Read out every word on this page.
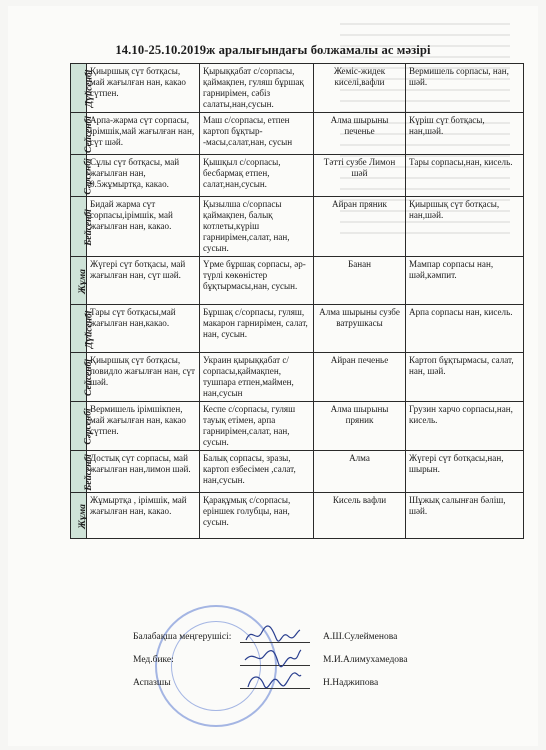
14.10-25.10.2019ж аралығындағы болжамалы ас мәзірі
Дүйсенбі	Қиыршық сүт ботқасы, май жағылған нан, какао сүтпен.	Қырыққабат с/сорпасы, қаймақпен, гуляш бұршақ гарнирімен, сәбіз салаты,нан,сусын.	Жеміс-жидек киселі,вафли	Вермишель сорпасы, нан, шәй.
Сейсенбі	Арпа-жарма сүт сорпасы, ірімшік,май жағылған нан, сүт шәй.	Маш с/сорпасы, етпен картоп бұқтыр- -масы,салат,нан, сусын	Алма шырыны печенье	Күріш сүт ботқасы, нан,шәй.
Сәрсенбі	Сұлы сүт ботқасы, май жағылған нан, 0.5жұмыртқа, какао.	Қышқыл с/сорпасы, бесбармақ етпен, салат,нан,сусын.	Тәтті сузбе Лимон шәй	Тары сорпасы,нан, кисель.
Бейсенбі	Бидай жарма сүт сорпасы,ірімшік, май жағылған нан, какао.	Қызылша с/сорпасы қаймақпен, балық котлеты,күріш гарнирімен,салат, нан, сусын.	Айран пряник	Қиыршық сүт ботқасы, нан,шәй.
Жұма	Жүгері сүт ботқасы, май жағылған нан, сүт шәй.	Үрме бұршақ сорпасы, әр-түрлі көкөністер бұқтырмасы,нан, сусын.	Банан	Мампар сорпасы нан, шәй,кәмпит.
Дүйсенбі	Тары сүт ботқасы,май жағылған нан,какао.	Бұршақ с/сорпасы, гуляш, макарон гарнирімен, салат, нан, сусын.	Алма шырыны сузбе ватрушкасы	Арпа сорпасы нан, кисель.
Сейсенбі	Қиыршық сүт ботқасы, повидло жағылған нан, сүт шәй.	Украин қырыққабат с/сорпасы,қаймақпен, тушпара етпен,маймен, нан,сусын	Айран печенье	Картоп бұқтырмасы, салат, нан, шәй.
Сәрсенбі	Вермишель ірімшікпен, май жағылған нан, какао сүтпен.	Кеспе с/сорпасы, гуляш тауық етімен, арпа гарнирімен,салат, нан, сусын.	Алма шырыны пряник	Грузин харчо сорпасы,нан, кисель.
Бейсенбі	Достық сүт сорпасы, май жағылған нан,лимон шәй.	Балық сорпасы, зразы, картоп езбесімен ,салат, нан,сусын.	Алма	Жүгері сүт ботқасы,нан, шырын.
Жұма	Жұмыртқа , ірімшік, май жағылған нан, какао.	Қарақұмық с/сорпасы, еріншек голубцы, нан, сусын.	Кисель вафли	Шұжық салынған бәліш, шәй.
Балабақша меңгерушісі:	А.Ш.Сулейменова
Мед.бике:	М.И.Алимухамедова
Аспазшы	Н.Наджипова
